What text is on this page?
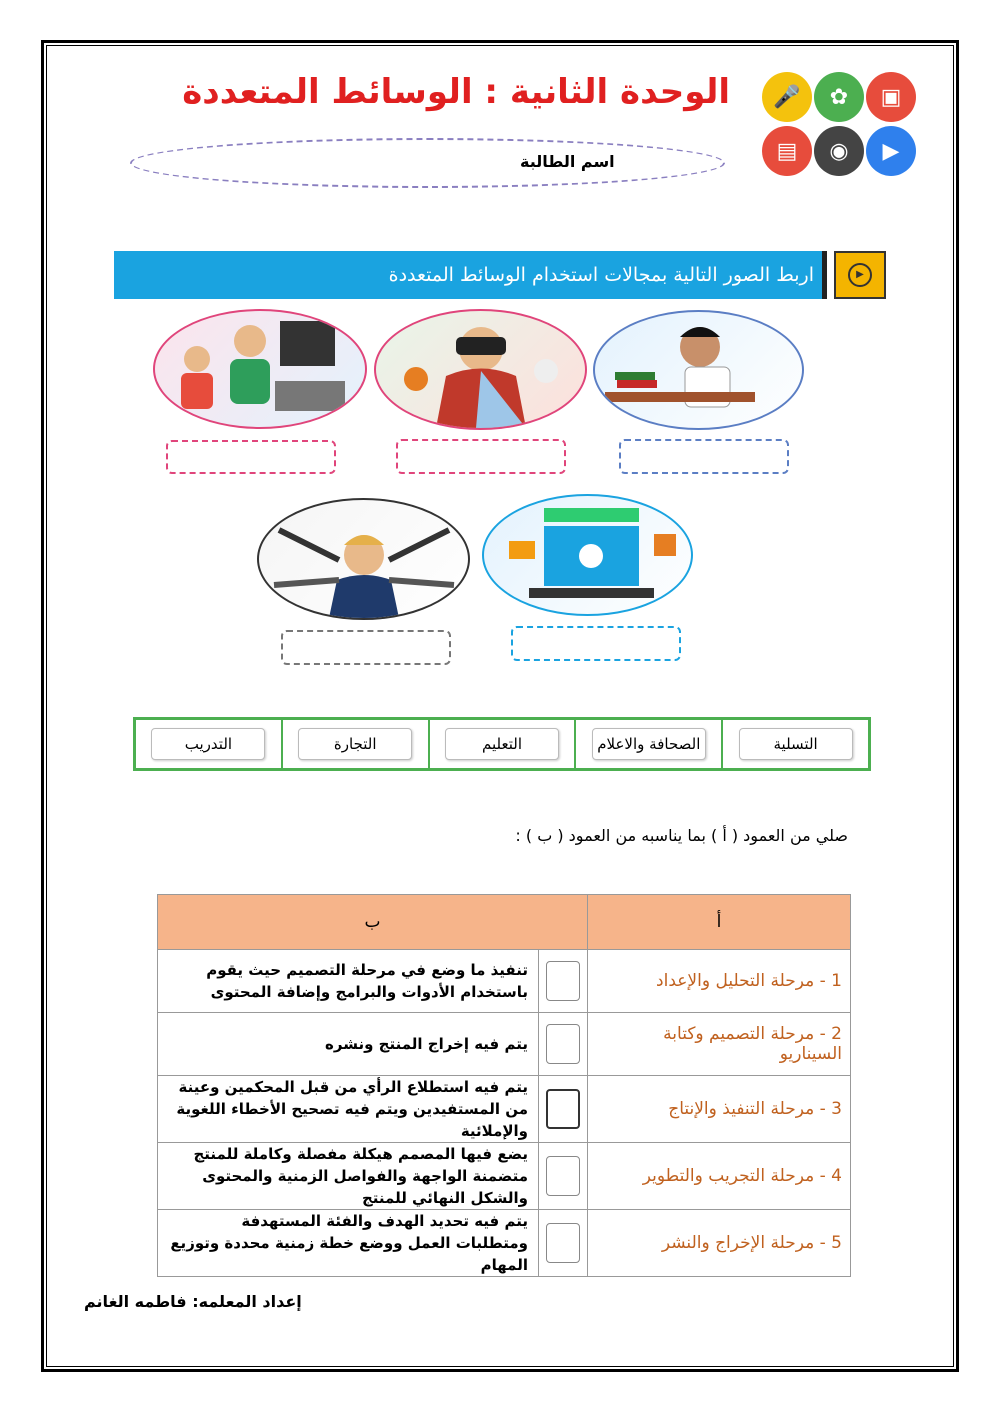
الوحدة الثانية : الوسائط المتعددة	🎤	✿	▣
▤	◉	▶
اسم الطالبة
اربط الصور التالية بمجالات استخدام الوسائط المتعددة	▶
التسلية
الصحافة والاعلام
التعليم
التجارة
التدريب
صلي من العمود ( أ ) بما يناسبه من العمود ( ب ) :
أ	ب	
1 - مرحلة التحليل والإعداد		تنفيذ ما وضع في مرحلة التصميم حيث يقوم باستخدام الأدوات والبرامج وإضافة المحتوى
2 - مرحلة التصميم وكتابة السيناريو		يتم فيه إخراج المنتج ونشره
3 - مرحلة التنفيذ والإنتاج		يتم فيه استطلاع الرأي من قبل المحكمين وعينة من المستفيدين ويتم فيه تصحيح الأخطاء اللغوية والإملائية
4 - مرحلة التجريب والتطوير		يضع فيها المصمم هيكلة مفصلة وكاملة للمنتج متضمنة الواجهة والفواصل الزمنية والمحتوى والشكل النهائي للمنتج
5 - مرحلة الإخراج والنشر		يتم فيه تحديد الهدف والفئة المستهدفة ومتطلبات العمل ووضع خطة زمنية محددة وتوزيع المهام
إعداد المعلمه: فاطمه الغانم
